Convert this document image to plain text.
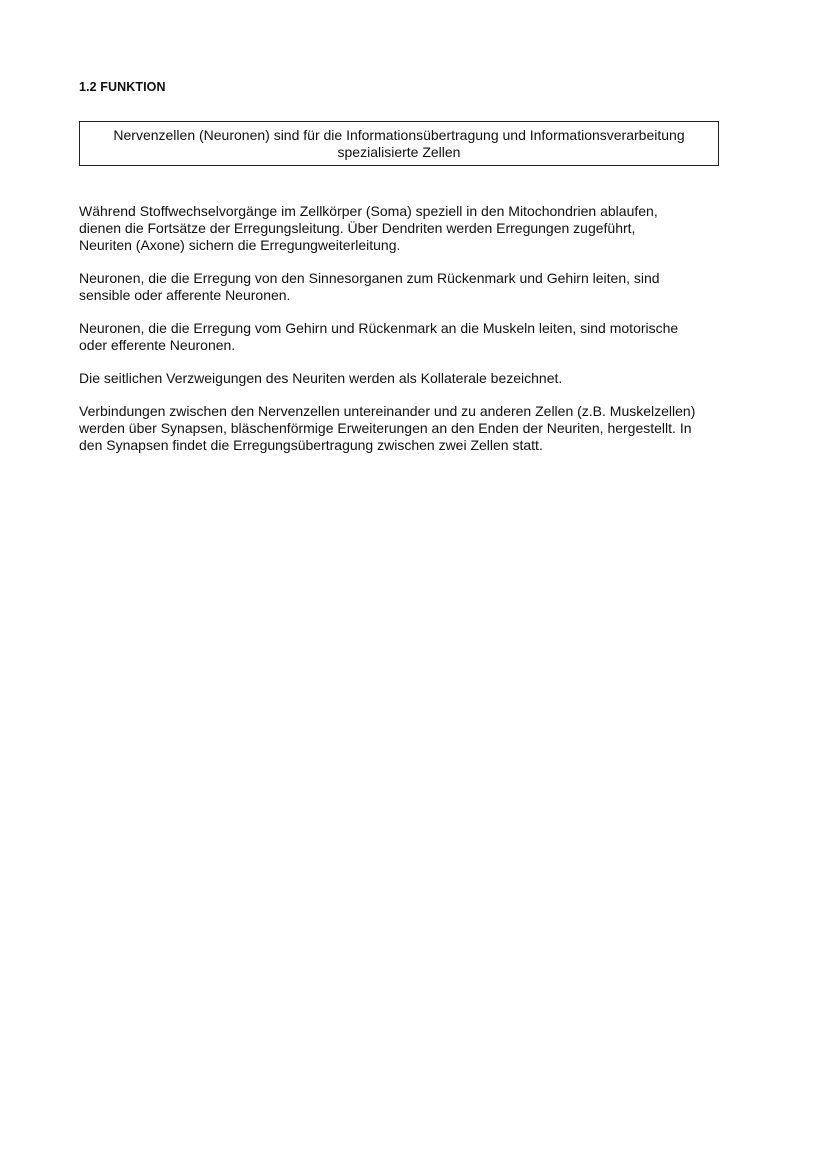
1.2 FUNKTION
Nervenzellen (Neuronen) sind für die Informationsübertragung und Informationsverarbeitung
spezialisierte Zellen

Während Stoffwechselvorgänge im Zellkörper (Soma) speziell in den Mitochondrien ablaufen,
dienen die Fortsätze der Erregungsleitung. Über Dendriten werden Erregungen zugeführt,
Neuriten (Axone) sichern die Erregungweiterleitung.

Neuronen, die die Erregung von den Sinnesorganen zum Rückenmark und Gehirn leiten, sind
sensible oder afferente Neuronen.

Neuronen, die die Erregung vom Gehirn und Rückenmark an die Muskeln leiten, sind motorische
oder efferente Neuronen.

Die seitlichen Verzweigungen des Neuriten werden als Kollaterale bezeichnet.

Verbindungen zwischen den Nervenzellen untereinander und zu anderen Zellen (z.B. Muskelzellen)
werden über Synapsen, bläschenförmige Erweiterungen an den Enden der Neuriten, hergestellt. In
den Synapsen findet die Erregungsübertragung zwischen zwei Zellen statt.
